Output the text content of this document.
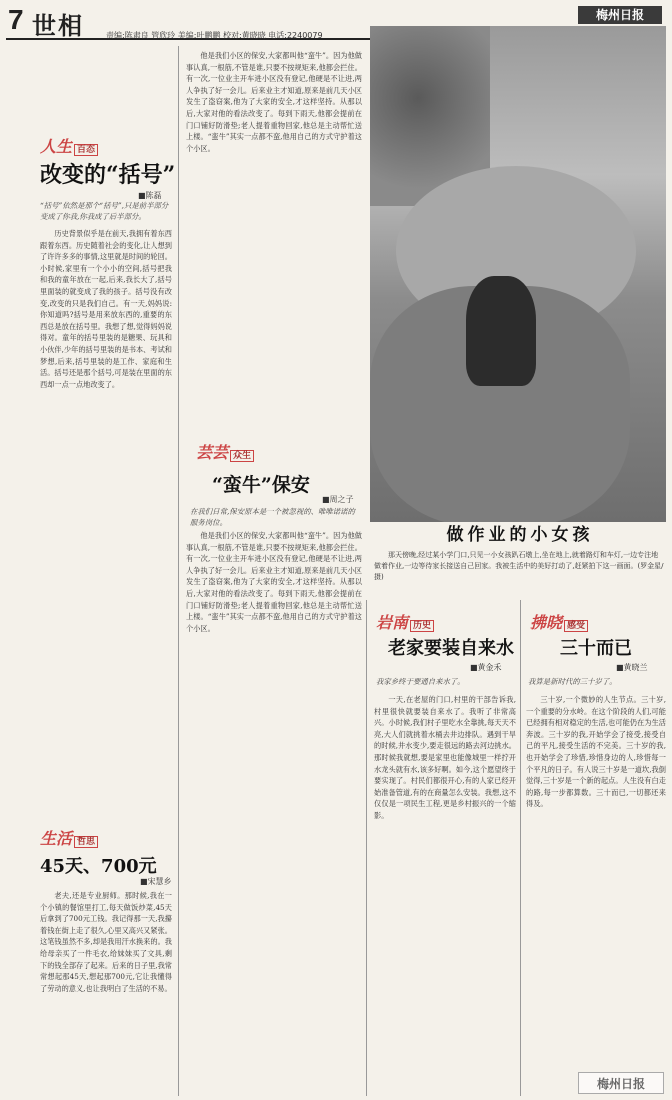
7 世相	责编:陈肃良 管欣玲 美编:叶鹏鹏 校对:黄晓晓 电话:2240079
梅州日报
人生 百态
改变的“括号”
■陈磊
“括号”依然是那个“括号”,只是前半部分变成了你我,你我成了后半部分。
历史背景似乎是在前天,我拥有着东西跟着东西。历史随着社会的变化,让人想到了许许多多的事情,这里就是时间的轮回。小时候,家里有一个小小的空间,括号把我和我的童年放在一起,后来,我长大了,括号里面装的就变成了我的孩子。括号没有改变,改变的只是我们自己。有一天,妈妈说:你知道吗?括号是用来放东西的,重要的东西总是放在括号里。我想了想,觉得妈妈说得对。童年的括号里装的是糖果、玩具和小伙伴,少年的括号里装的是书本、考试和梦想,后来,括号里装的是工作、家庭和生活。括号还是那个括号,可是装在里面的东西却一点一点地改变了。
生活 哲思
45天、700元
■宋慧乡
老夫,还是专业厨师。那时候,我在一个小镇的餐馆里打工,每天做饭炒菜,45天后拿到了700元工钱。我记得那一天,我攥着钱在街上走了很久,心里又高兴又紧张。这笔钱虽然不多,却是我用汗水换来的。我给母亲买了一件毛衣,给妹妹买了文具,剩下的钱全部存了起来。后来的日子里,我常常想起那45天,想起那700元,它让我懂得了劳动的意义,也让我明白了生活的不易。
他是我们小区的保安,大家都叫他“蛮牛”。因为他做事认真,一根筋,不管是谁,只要不按规矩来,他都会拦住。有一次,一位业主开车进小区没有登记,他硬是不让进,两人争执了好一会儿。后来业主才知道,原来是前几天小区发生了盗窃案,他为了大家的安全,才这样坚持。从那以后,大家对他的看法改变了。每到下雨天,他都会提前在门口铺好防滑垫;老人提着重物回家,他总是主动帮忙送上楼。“蛮牛”其实一点都不蛮,他用自己的方式守护着这个小区。
芸芸 众生
“蛮牛”保安
■周之子
在我们日常,保安原本是一个被忽视的、唯唯诺诺的服务岗位。
他是我们小区的保安,大家都叫他“蛮牛”。因为他做事认真,一根筋,不管是谁,只要不按规矩来,他都会拦住。有一次,一位业主开车进小区没有登记,他硬是不让进,两人争执了好一会儿。后来业主才知道,原来是前几天小区发生了盗窃案,他为了大家的安全,才这样坚持。从那以后,大家对他的看法改变了。每到下雨天,他都会提前在门口铺好防滑垫;老人提着重物回家,他总是主动帮忙送上楼。“蛮牛”其实一点都不蛮,他用自己的方式守护着这个小区。
做作业的小女孩
那天傍晚,经过某小学门口,只见一小女孩趴石墩上,坐在地上,就着路灯和车灯,一边专注地做着作业,一边等待家长接送自己回家。我被生活中的美好打动了,赶紧拍下这一画面。(罗金星/摄)
岩南 历史
老家要装自来水
■黄金禾
我家乡终于要通自来水了。
一天,在老屋的门口,村里的干部告诉我,村里很快就要装自来水了。我听了非常高兴。小时候,我们村子里吃水全靠挑,每天天不亮,大人们就挑着水桶去井边排队。遇到干旱的时候,井水变少,要走很远的路去河边挑水。那时候我就想,要是家里也能像城里一样拧开水龙头就有水,该多好啊。如今,这个愿望终于要实现了。村民们都很开心,有的人家已经开始准备管道,有的在商量怎么安装。我想,这不仅仅是一项民生工程,更是乡村振兴的一个缩影。
拂晓 感受
三十而已
■黄晓兰
我算是新时代的三十岁了。
三十岁,一个微妙的人生节点。三十岁,一个重要的分水岭。在这个阶段的人们,可能已经拥有相对稳定的生活,也可能仍在为生活奔波。三十岁的我,开始学会了接受,接受自己的平凡,接受生活的不完美。三十岁的我,也开始学会了珍惜,珍惜身边的人,珍惜每一个平凡的日子。有人说三十岁是一道坎,我倒觉得,三十岁是一个新的起点。人生没有白走的路,每一步都算数。三十而已,一切都还来得及。
梅州日报
